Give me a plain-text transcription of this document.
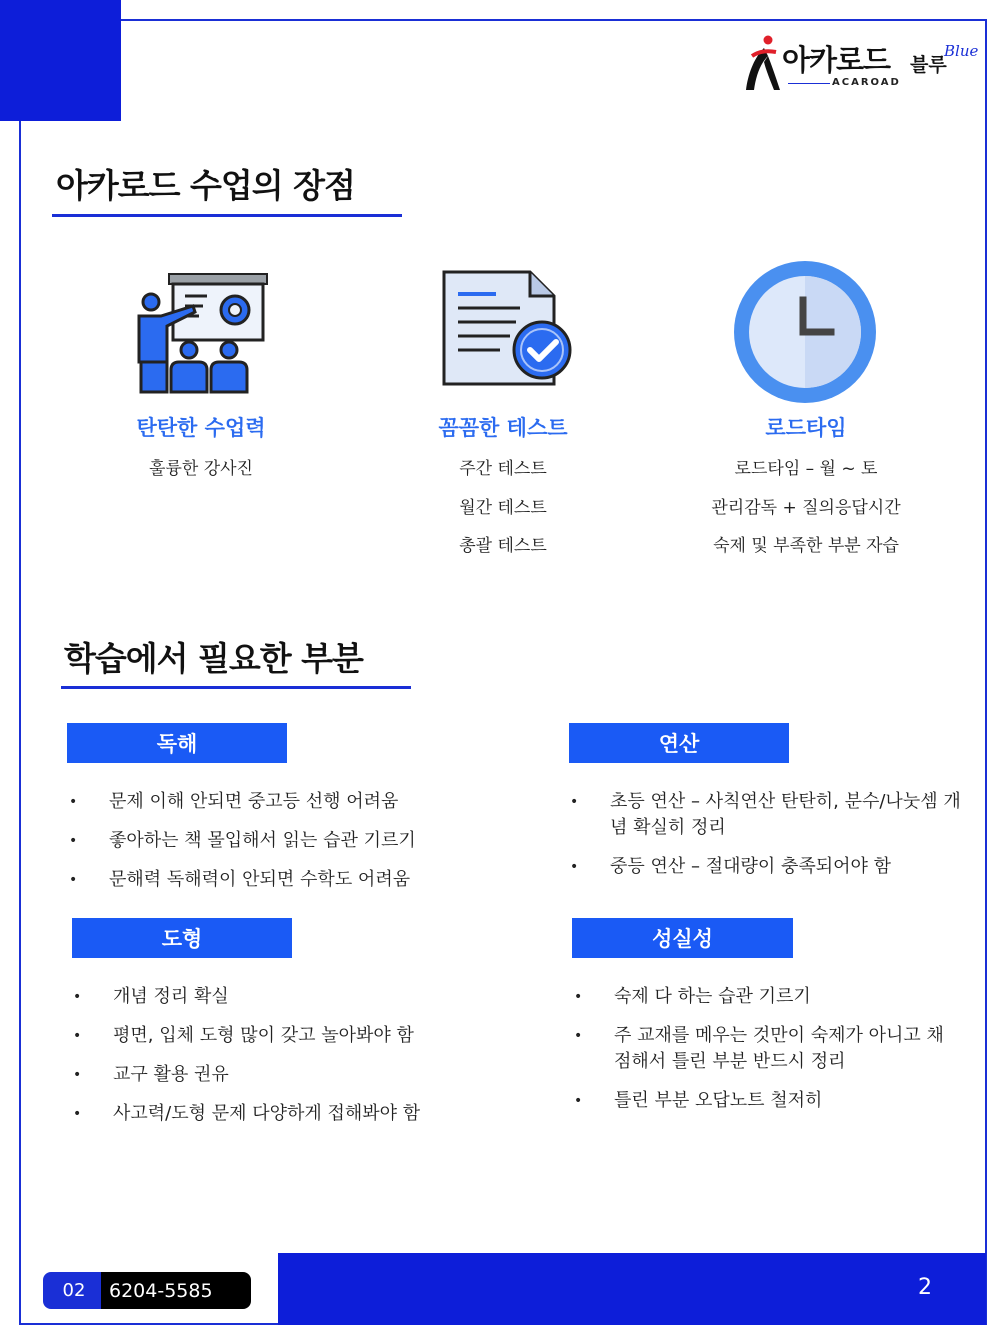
아카로드 블루
Blue
ACAROAD
아카로드 수업의 장점
탄탄한 수업력
훌륭한 강사진
꼼꼼한 테스트
주간 테스트
월간 테스트
총괄 테스트
로드타임
로드타임 – 월 ~ 토
관리감독 + 질의응답시간
숙제 및 부족한 부분 자습
학습에서 필요한 부분
독해
• 문제 이해 안되면 중고등 선행 어려움
• 좋아하는 책 몰입해서 읽는 습관 기르기
• 문해력 독해력이 안되면 수학도 어려움
연산
• 초등 연산 – 사칙연산 탄탄히, 분수/나눗셈 개념 확실히 정리
• 중등 연산 – 절대량이 충족되어야 함
도형
• 개념 정리 확실
• 평면, 입체 도형 많이 갖고 놀아봐야 함
• 교구 활용 권유
• 사고력/도형 문제 다양하게 접해봐야 함
성실성
• 숙제 다 하는 습관 기르기
• 주 교재를 메우는 것만이 숙제가 아니고 채점해서 틀린 부분 반드시 정리
• 틀린 부분 오답노트 철저히
2
02	6204-5585
